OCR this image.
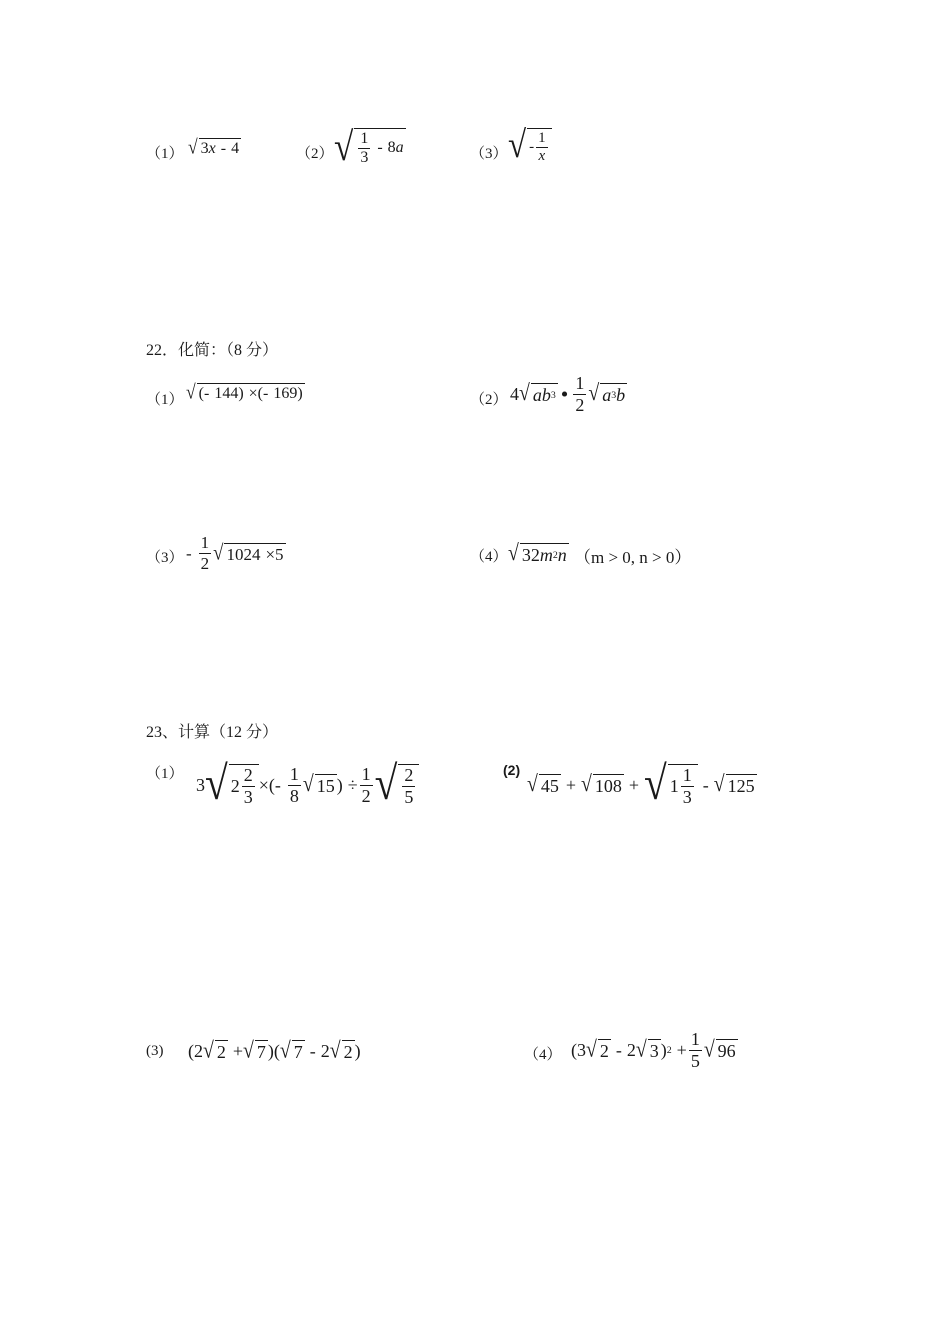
（1） √ 3 x - 4	（2） √ $\frac{1}{3} - 8$ a	（3） √ - $\frac{1}{x}$
22．化简：（8 分）
（1） √ (- 144) ×(- 169)	（2） 4 √ ab 3 • $\frac{1}{2}$ √ a 3 b
$(3) - \frac{1}{2}$ √ 1024 ×5	（4） √ 32 m 2 n （m > 0, n > 0）
23、计算（12 分）
（1）
3 √ $2 \frac{2}{3}$ ×(- $\frac{1}{8}$ √ 15 ) ÷ $\frac{1}{2}$ √ $\frac{2}{5}$	(2)
√ 45 + √ 108 + √ $1 \frac{1}{3}$ - √ 125
(3) (2 √ 2 + √ 7 )( √ 7 - 2 √ 2 )	（4） (3 √ 2 - 2 √ 3 ) $2 + \frac{1}{5}$ √ 96
